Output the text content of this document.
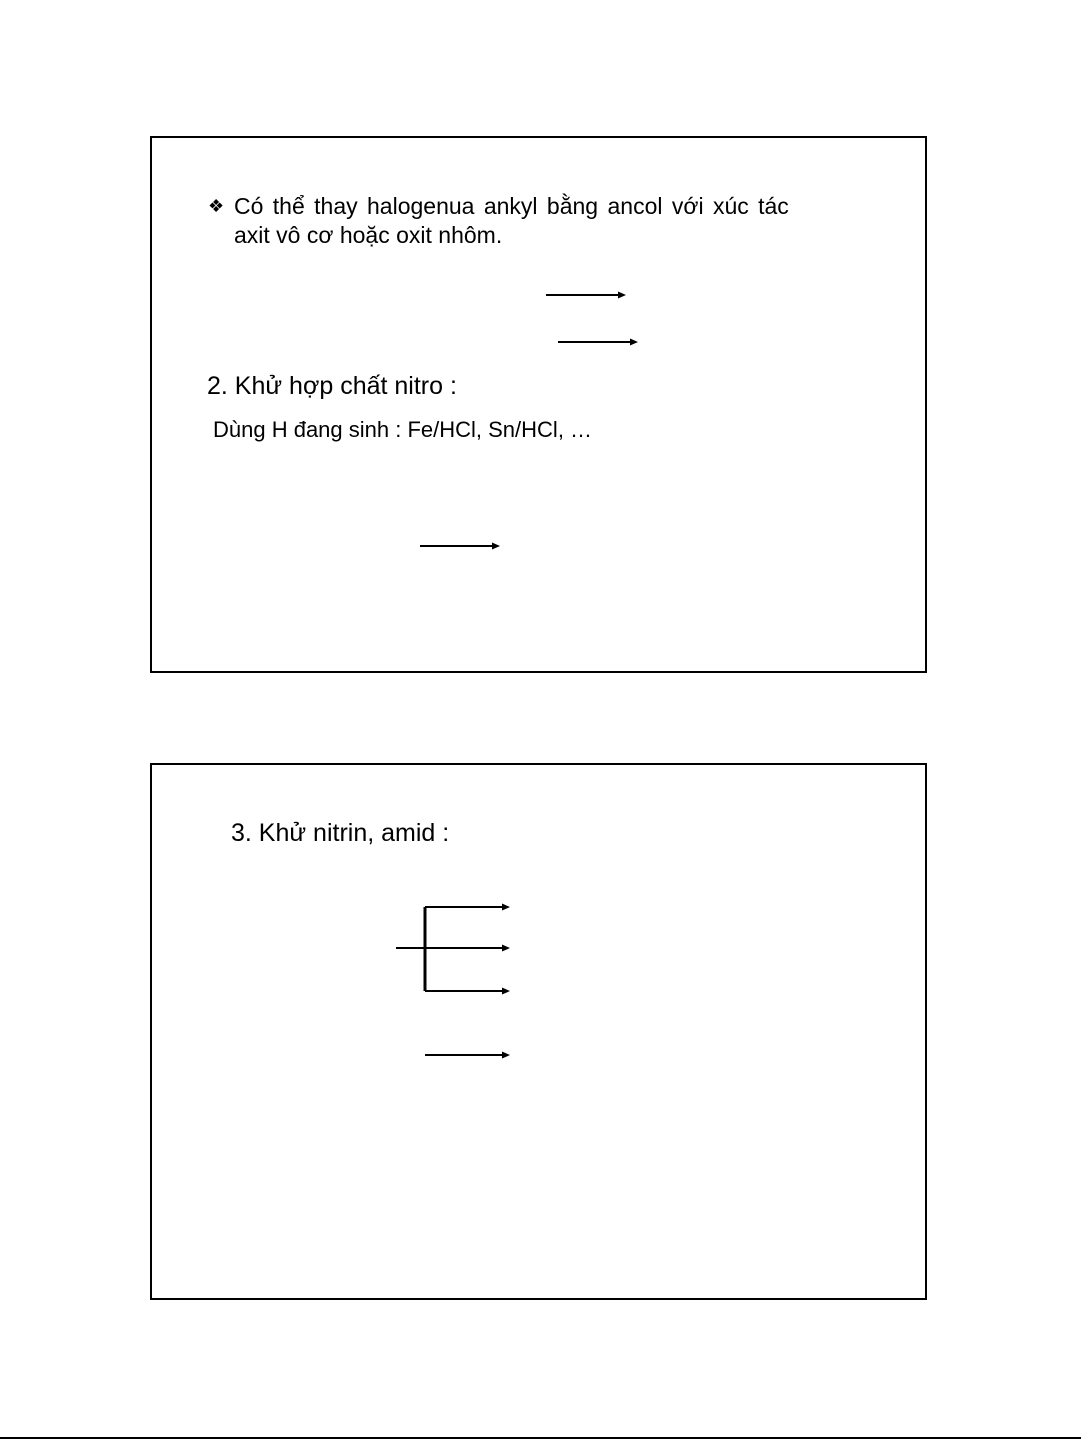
❖ Có thể thay halogenua ankyl bằng ancol với xúc tác
axit vô cơ hoặc oxit nhôm.
2. Khử hợp chất nitro :
Dùng H đang sinh : Fe/HCl, Sn/HCl, …
3. Khử nitrin, amid :
